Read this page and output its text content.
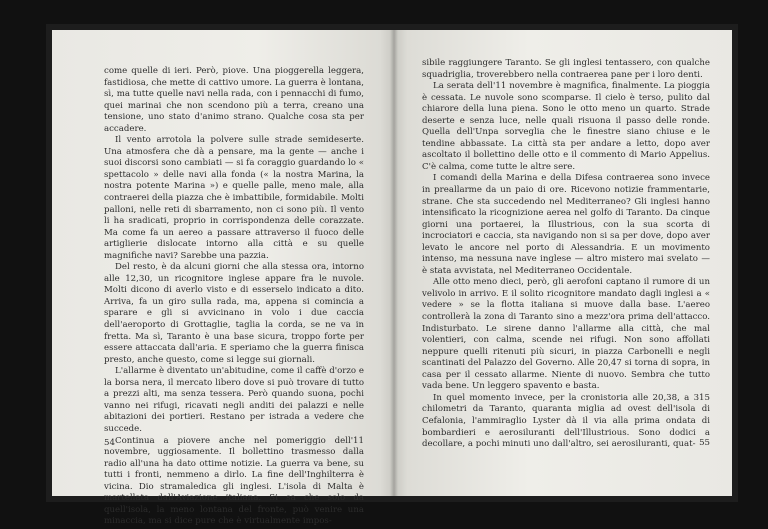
come quelle di ieri. Però, piove. Una pioggerella leggera, fastidiosa, che mette di cattivo umore. La guerra è lontana, sì, ma tutte quelle navi nella rada, con i pennacchi di fumo, quei marinai che non scendono più a terra, creano una tensione, uno stato d'animo strano. Qualche cosa sta per accadere.

Il vento arrotola la polvere sulle strade semideserte. Una atmosfera che dà a pensare, ma la gente — anche i suoi discorsi sono cambiati — si fa coraggio guardando lo « spettacolo » delle navi alla fonda (« la nostra Marina, la nostra potente Marina ») e quelle palle, meno male, alla contraerei della piazza che è imbattibile, formidabile. Molti palloni, nelle reti di sbarramento, non ci sono più. Il vento li ha sradicati, proprio in corrispondenza delle corazzate. Ma come fa un aereo a passare attraverso il fuoco delle artiglierie dislocate intorno alla città e su quelle magnifiche navi? Sarebbe una pazzia.

Del resto, è da alcuni giorni che alla stessa ora, intorno alle 12,30, un ricognitore inglese appare fra le nuvole. Molti dicono di averlo visto e di esserselo indicato a dito. Arriva, fa un giro sulla rada, ma, appena si comincia a sparare e gli si avvicinano in volo i due caccia dell'aeroporto di Grottaglie, taglia la corda, se ne va in fretta. Ma sì, Taranto è una base sicura, troppo forte per essere attaccata dall'aria. E speriamo che la guerra finisca presto, anche questo, come si legge sui giornali.

L'allarme è diventato un'abitudine, come il caffè d'orzo e la borsa nera, il mercato libero dove si può trovare di tutto a prezzi alti, ma senza tessera. Però quando suona, pochi vanno nei rifugi, ricavati negli anditi dei palazzi e nelle abitazioni dei portieri. Restano per istrada a vedere che succede.

Continua a piovere anche nel pomeriggio dell'11 novembre, uggiosamente. Il bollettino trasmesso dalla radio all'una ha dato ottime notizie. La guerra va bene, su tutti i fronti, nemmeno a dirlo. La fine dell'Inghilterra è vicina. Dio stramaledica gli inglesi. L'isola di Malta è martellata dall'Aviazione italiana. Si sa che solo da quell'isola, la meno lontana del fronte, può venire una minaccia, ma si dice pure che è virtualmente impos-

54

sibile raggiungere Taranto. Se gli inglesi tentassero, con qualche squadriglia, troverebbero nella contraerea pane per i loro denti.

La serata dell'11 novembre è magnifica, finalmente. La pioggia è cessata. Le nuvole sono scomparse. Il cielo è terso, pulito dal chiarore della luna piena. Sono le otto meno un quarto. Strade deserte e senza luce, nelle quali risuona il passo delle ronde. Quella dell'Unpa sorveglia che le finestre siano chiuse e le tendine abbassate. La città sta per andare a letto, dopo aver ascoltato il bollettino delle otto e il commento di Mario Appelius. C'è calma, come tutte le altre sere.

I comandi della Marina e della Difesa contraerea sono invece in preallarme da un paio di ore. Ricevono notizie frammentarie, strane. Che sta succedendo nel Mediterraneo? Gli inglesi hanno intensificato la ricognizione aerea nel golfo di Taranto. Da cinque giorni una portaerei, la Illustrious, con la sua scorta di incrociatori e caccia, sta navigando non si sa per dove, dopo aver levato le ancore nel porto di Alessandria. E un movimento intenso, ma nessuna nave inglese — altro mistero mai svelato — è stata avvistata, nel Mediterraneo Occidentale.

Alle otto meno dieci, però, gli aerofoni captano il rumore di un velivolo in arrivo. E il solito ricognitore mandato dagli inglesi a « vedere » se la flotta italiana si muove dalla base. L'aereo controllerà la zona di Taranto sino a mezz'ora prima dell'attacco. Indisturbato. Le sirene danno l'allarme alla città, che mal volentieri, con calma, scende nei rifugi. Non sono affollati neppure quelli ritenuti più sicuri, in piazza Carbonelli e negli scantinati del Palazzo del Governo. Alle 20,47 si torna di sopra, in casa per il cessato allarme. Niente di nuovo. Sembra che tutto vada bene. Un leggero spavento e basta.

In quel momento invece, per la cronistoria alle 20,38, a 315 chilometri da Taranto, quaranta miglia ad ovest dell'isola di Cefalonia, l'ammiraglio Lyster dà il via alla prima ondata di bombardieri e aerosiluranti dell'Illustrious. Sono dodici a decollare, a pochi minuti uno dall'altro, sei aerosiluranti, quat- 55
